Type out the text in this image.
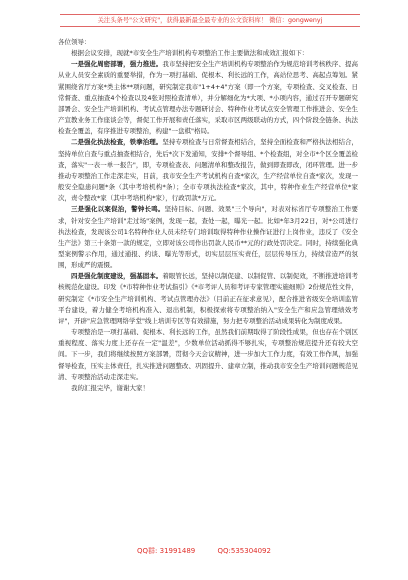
关注头条号"公文研究"，获得最新最全最专业的公文资料库！ 微信：gongwenyj

各位领导：

根据会议安排，现就*市安全生产培训机构专项整治工作主要做法和成效汇报如下：

一是强化周密部署，强力推进。我市坚持把安全生产培训机构专项整治作为规范培训考核秩序、提高从业人员安全素质的重要举措，作为一项打基础、促根本、利长远的工作，高站位思考、高起点筹划。紧紧围绕省厅方案*类主体**项问题，研究制定我市"1+4+4"方案（即一个方案，专项检查、交叉检查、日常督查、重点抽查4个检查以及4张对照检查清单），并分解细化为*大项、*小项内容，通过召开专题研究部署会、安全生产培训机构、考试点管理办法专题研讨会、特种作业考试点安全管理工作推进会、安全生产宣教业务工作座谈会等，督促工作开展和责任落实，采取市区两级联动的方式，四个阶段全链条、执法检查全覆盖，有序推进专项整治，构建"一盘棋"格局。

二是强化执法检查，铁拳治理。坚持专项检查与日常督查相结合，坚持全面检查和严格执法相结合，坚持单位自查与重点抽查相结合，先后*次下发通知，安排*个督导组、*个检查组，对全市*个区全覆盖检查，落实"一表一单一报告"，即，专项检查表、问题清单和整改报告，做到即查即改，闭环管理。进一步推动专项整治工作走深走实，目前，我市安全生产考试机构自查*家次，生产经营单位自查*家次，发现一般安全隐患问题*条（其中考培机构*条）；全市专项执法检查*家次，其中，特种作业生产经营单位*家次，责令整改*家（其中考培机构*家），行政罚款*万元。

三是强化以案促治，警钟长鸣。坚持目标、问题、效果"三个导向"，对表对标省厅专项整治工作要求，针对安全生产培训"走过场"案例，发现一起，查处一起，曝光一起。比如*年3月22日，对*公司进行执法检查，发现该公司1名特种作业人员未经专门培训取得特种作业操作证进行上岗作业，违反了《安全生产法》第三十条第一款的规定，立即对该公司作出罚款人民币**元的行政处罚决定。同时，持续强化典型案例警示作用，通过通报、约谈、曝光等形式，切实层层压实责任，层层传导压力，持续营造严的氛围，形成严的震慑。

四是强化制度建设，强基固本。着眼管长远，坚持以制促建、以制促管、以制促效，不断推进培训考核规范化建设。印发《*市特种作业考试指引》《*市考评人员和考评专家管理实施细则》2份规范性文件，研究制定《*市安全生产培训机构、考试点管理办法》（目前正在征求意见），配合推进省级安全培训监管平台建设，着力健全考培机构准入、退出机制，积极探索将专项整治纳入"安全生产和应急管理绩效考评"，开辟"应急管理网络学堂"线上培训专区等有效措施，努力把专项整治活动成果转化为制度成果。

专项整治是一项打基础、促根本、利长远的工作，虽然我们前期取得了阶段性成果，但也存在个别区重视程度、落实力度上还存在一定"温差"，少数单位活动抓得不够扎实，专项整治规范提升还有较大空间。下一步，我们将继续按照方案部署，贯彻今天会议精神，进一步加大工作力度，有效工作作风，加强督导检查，压实主体责任，扎实推进问题整改、巩固提升、建章立制，推动我市安全生产培训问题规范见清、专项整治活动走深走实。

我的汇报完毕，谢谢大家！

QQ群: 31991489	QQ:535304092
